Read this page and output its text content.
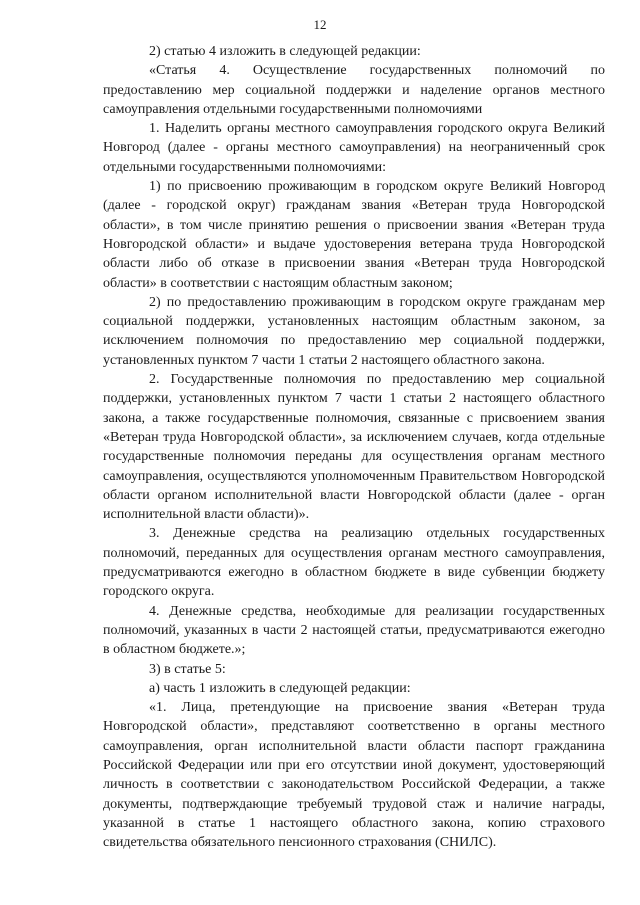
12

2) статью 4 изложить в следующей редакции:

«Статья 4. Осуществление государственных полномочий по предоставлению мер социальной поддержки и наделение органов местного самоуправления отдельными государственными полномочиями

1. Наделить органы местного самоуправления городского округа Великий Новгород (далее - органы местного самоуправления) на неограниченный срок отдельными государственными полномочиями:

1) по присвоению проживающим в городском округе Великий Новгород (далее - городской округ) гражданам звания «Ветеран труда Новгородской области», в том числе принятию решения о присвоении звания «Ветеран труда Новгородской области» и выдаче удостоверения ветерана труда Новгородской области либо об отказе в присвоении звания «Ветеран труда Новгородской области» в соответствии с настоящим областным законом;

2) по предоставлению проживающим в городском округе гражданам мер социальной поддержки, установленных настоящим областным законом, за исключением полномочия по предоставлению мер социальной поддержки, установленных пунктом 7 части 1 статьи 2 настоящего областного закона.

2. Государственные полномочия по предоставлению мер социальной поддержки, установленных пунктом 7 части 1 статьи 2 настоящего областного закона, а также государственные полномочия, связанные с присвоением звания «Ветеран труда Новгородской области», за исключением случаев, когда отдельные государственные полномочия переданы для осуществления органам местного самоуправления, осуществляются уполномоченным Правительством Новгородской области органом исполнительной власти Новгородской области (далее - орган исполнительной власти области)».

3. Денежные средства на реализацию отдельных государственных полномочий, переданных для осуществления органам местного самоуправления, предусматриваются ежегодно в областном бюджете в виде субвенции бюджету городского округа.

4. Денежные средства, необходимые для реализации государственных полномочий, указанных в части 2 настоящей статьи, предусматриваются ежегодно в областном бюджете.»;

3) в статье 5:

а) часть 1 изложить в следующей редакции:

«1. Лица, претендующие на присвоение звания «Ветеран труда Новгородской области», представляют соответственно в органы местного самоуправления, орган исполнительной власти области паспорт гражданина Российской Федерации или при его отсутствии иной документ, удостоверяющий личность в соответствии с законодательством Российской Федерации, а также документы, подтверждающие требуемый трудовой стаж и наличие награды, указанной в статье 1 настоящего областного закона, копию страхового свидетельства обязательного пенсионного страхования (СНИЛС).
